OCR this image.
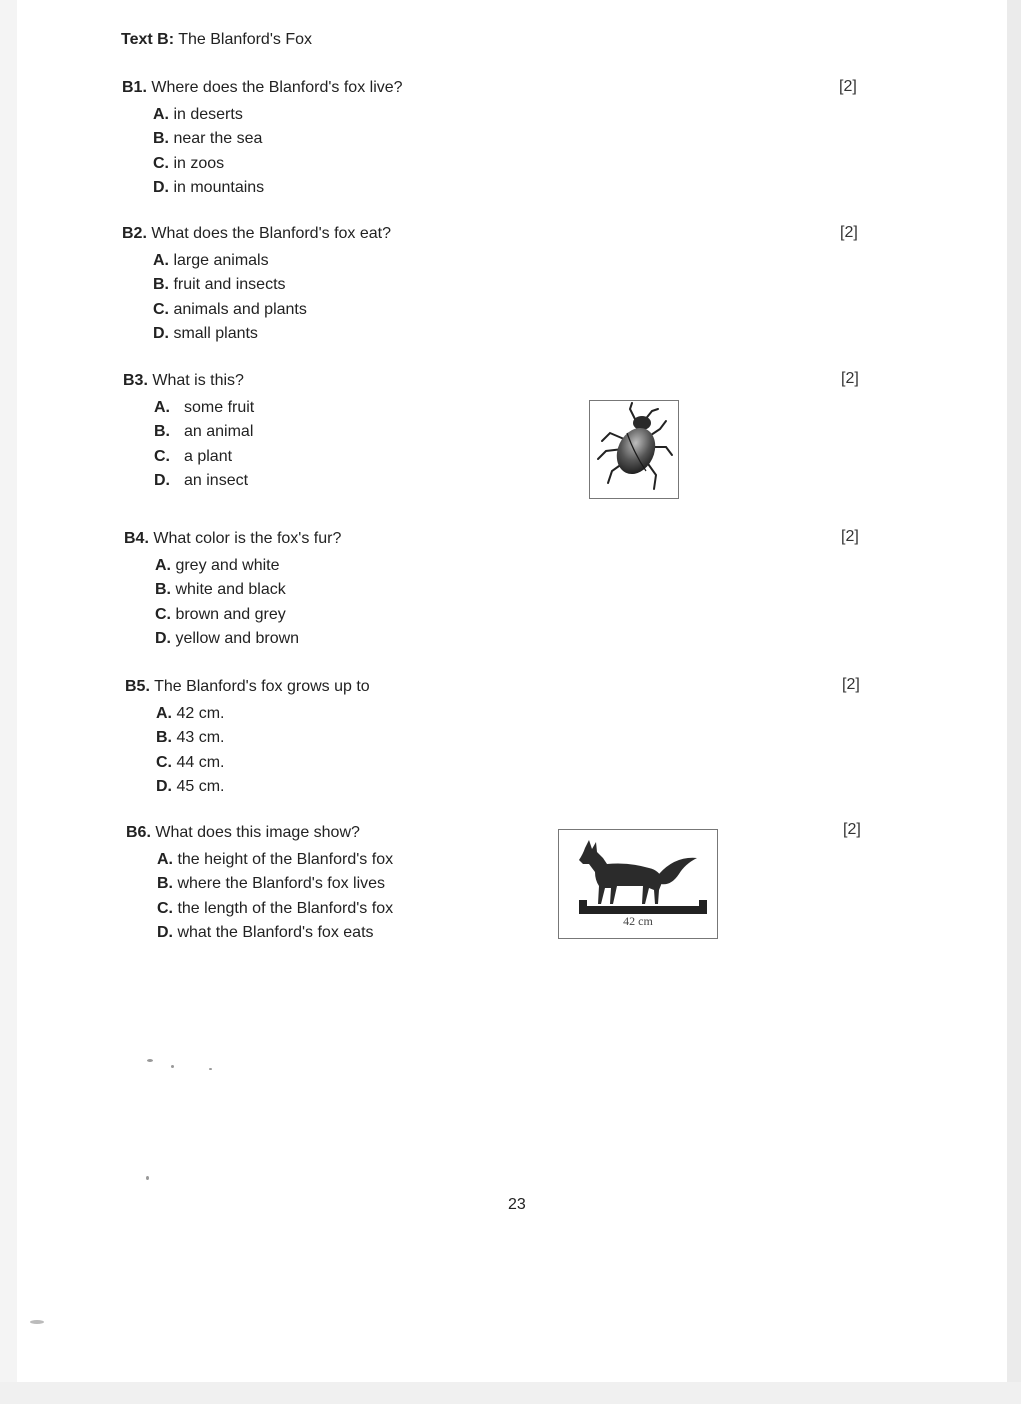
Text B: The Blanford's Fox
B1. Where does the Blanford's fox live?
A. in deserts
B. near the sea
C. in zoos
D. in mountains
[2]
B2. What does the Blanford's fox eat?
A. large animals
B. fruit and insects
C. animals and plants
D. small plants
[2]
B3. What is this?
A. some fruit
B. an animal
C. a plant
D. an insect
[2]
B4. What color is the fox's fur?
A. grey and white
B. white and black
C. brown and grey
D. yellow and brown
[2]
B5. The Blanford's fox grows up to
A. 42 cm.
B. 43 cm.
C. 44 cm.
D. 45 cm.
[2]
B6. What does this image show?
A. the height of the Blanford's fox
B. where the Blanford's fox lives
C. the length of the Blanford's fox
D. what the Blanford's fox eats
[2]
42 cm
23
